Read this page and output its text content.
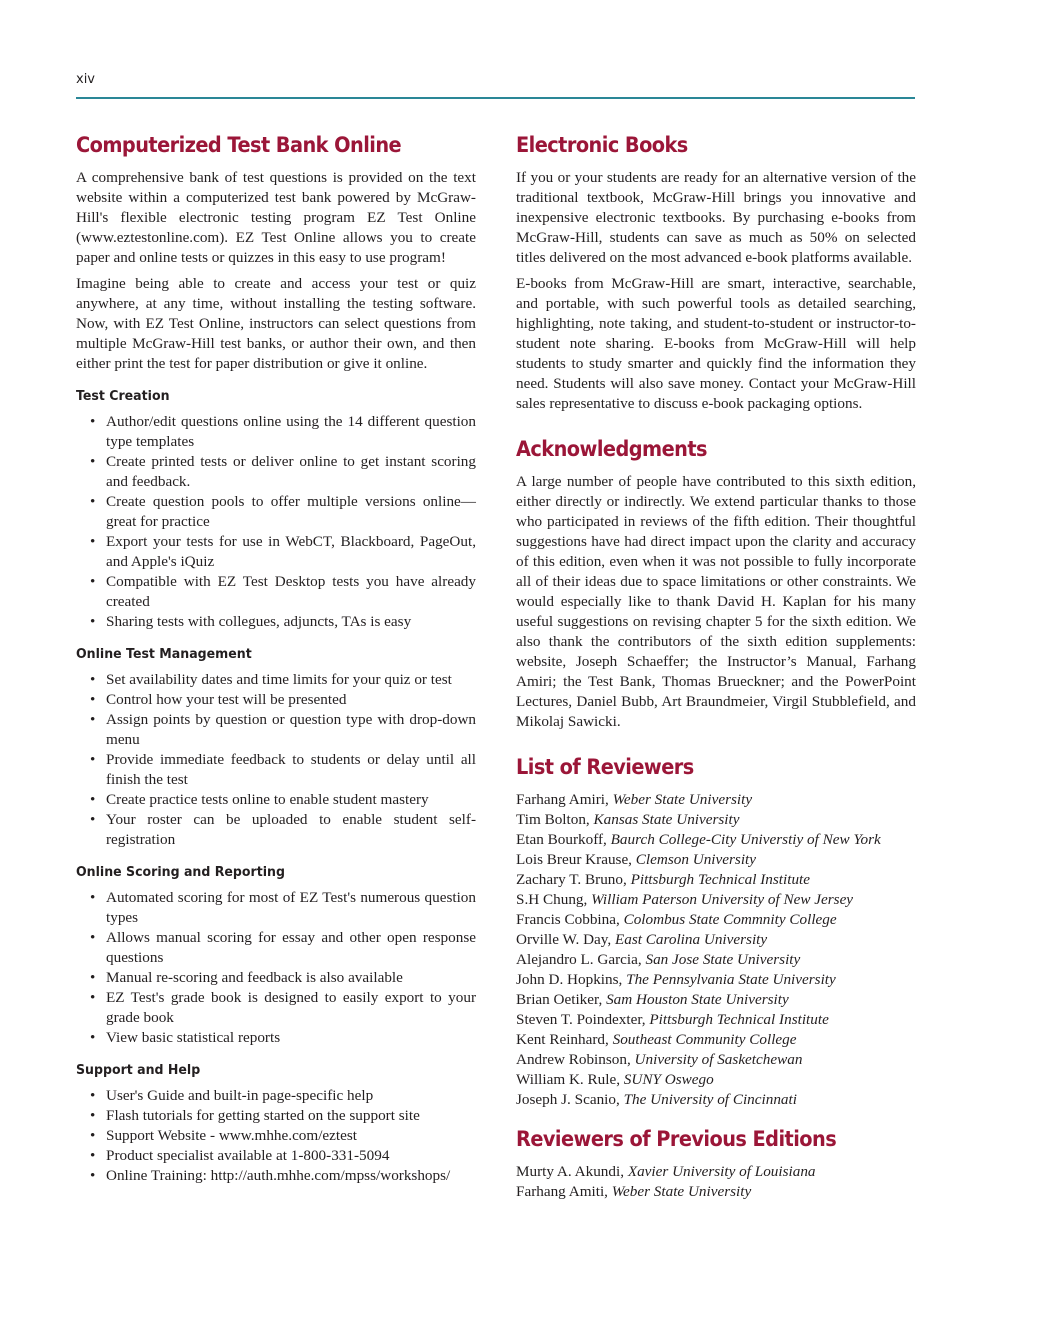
xiv
Computerized Test Bank Online

A comprehensive bank of test questions is provided on the text website within a computerized test bank powered by McGraw-Hill's flexible electronic testing program EZ Test Online (www.eztestonline.com). EZ Test Online allows you to create paper and online tests or quizzes in this easy to use program!

Imagine being able to create and access your test or quiz anywhere, at any time, without installing the testing software. Now, with EZ Test Online, instructors can select questions from multiple McGraw-Hill test banks, or author their own, and then either print the test for paper distribution or give it online.

Test Creation
• Author/edit questions online using the 14 different question type templates
• Create printed tests or deliver online to get instant scoring and feedback.
• Create question pools to offer multiple versions online— great for practice
• Export your tests for use in WebCT, Blackboard, PageOut, and Apple's iQuiz
• Compatible with EZ Test Desktop tests you have already created
• Sharing tests with collegues, adjuncts, TAs is easy
Online Test Management
• Set availability dates and time limits for your quiz or test
• Control how your test will be presented
• Assign points by question or question type with drop-down menu
• Provide immediate feedback to students or delay until all finish the test
• Create practice tests online to enable student mastery
• Your roster can be uploaded to enable student self-registration
Online Scoring and Reporting
• Automated scoring for most of EZ Test's numerous question types
• Allows manual scoring for essay and other open response questions
• Manual re-scoring and feedback is also available
• EZ Test's grade book is designed to easily export to your grade book
• View basic statistical reports
Support and Help
• User's Guide and built-in page-specific help
• Flash tutorials for getting started on the support site
• Support Website - www.mhhe.com/eztest
• Product specialist available at 1-800-331-5094
• Online Training: http://auth.mhhe.com/mpss/workshops/
Electronic Books

If you or your students are ready for an alternative version of the traditional textbook, McGraw-Hill brings you innovative and inexpensive electronic textbooks. By purchasing e-books from McGraw-Hill, students can save as much as 50% on selected titles delivered on the most advanced e-book platforms available.

E-books from McGraw-Hill are smart, interactive, searchable, and portable, with such powerful tools as detailed searching, highlighting, note taking, and student-to-student or instructor-to-student note sharing. E-books from McGraw-Hill will help students to study smarter and quickly find the information they need. Students will also save money. Contact your McGraw-Hill sales representative to discuss e-book packaging options.

Acknowledgments

A large number of people have contributed to this sixth edition, either directly or indirectly. We extend particular thanks to those who participated in reviews of the fifth edition. Their thoughtful suggestions have had direct impact upon the clarity and accuracy of this edition, even when it was not possible to fully incorporate all of their ideas due to space limitations or other constraints. We would especially like to thank David H. Kaplan for his many useful suggestions on revising chapter 5 for the sixth edition. We also thank the contributors of the sixth edition supplements: website, Joseph Schaeffer; the Instructor’s Manual, Farhang Amiri; the Test Bank, Thomas Brueckner; and the PowerPoint Lectures, Daniel Bubb, Art Braundmeier, Virgil Stubblefield, and Mikolaj Sawicki.

List of Reviewers
Farhang Amiri, Weber State University
Tim Bolton, Kansas State University
Etan Bourkoff, Baurch College-City Universtiy of New York
Lois Breur Krause, Clemson University
Zachary T. Bruno, Pittsburgh Technical Institute
S.H Chung, William Paterson University of New Jersey
Francis Cobbina, Colombus State Commnity College
Orville W. Day, East Carolina University
Alejandro L. Garcia, San Jose State University
John D. Hopkins, The Pennsylvania State University
Brian Oetiker, Sam Houston State University
Steven T. Poindexter, Pittsburgh Technical Institute
Kent Reinhard, Southeast Community College
Andrew Robinson, University of Sasketchewan
William K. Rule, SUNY Oswego
Joseph J. Scanio, The University of Cincinnati
Reviewers of Previous Editions
Murty A. Akundi, Xavier University of Louisiana
Farhang Amiti, Weber State University
